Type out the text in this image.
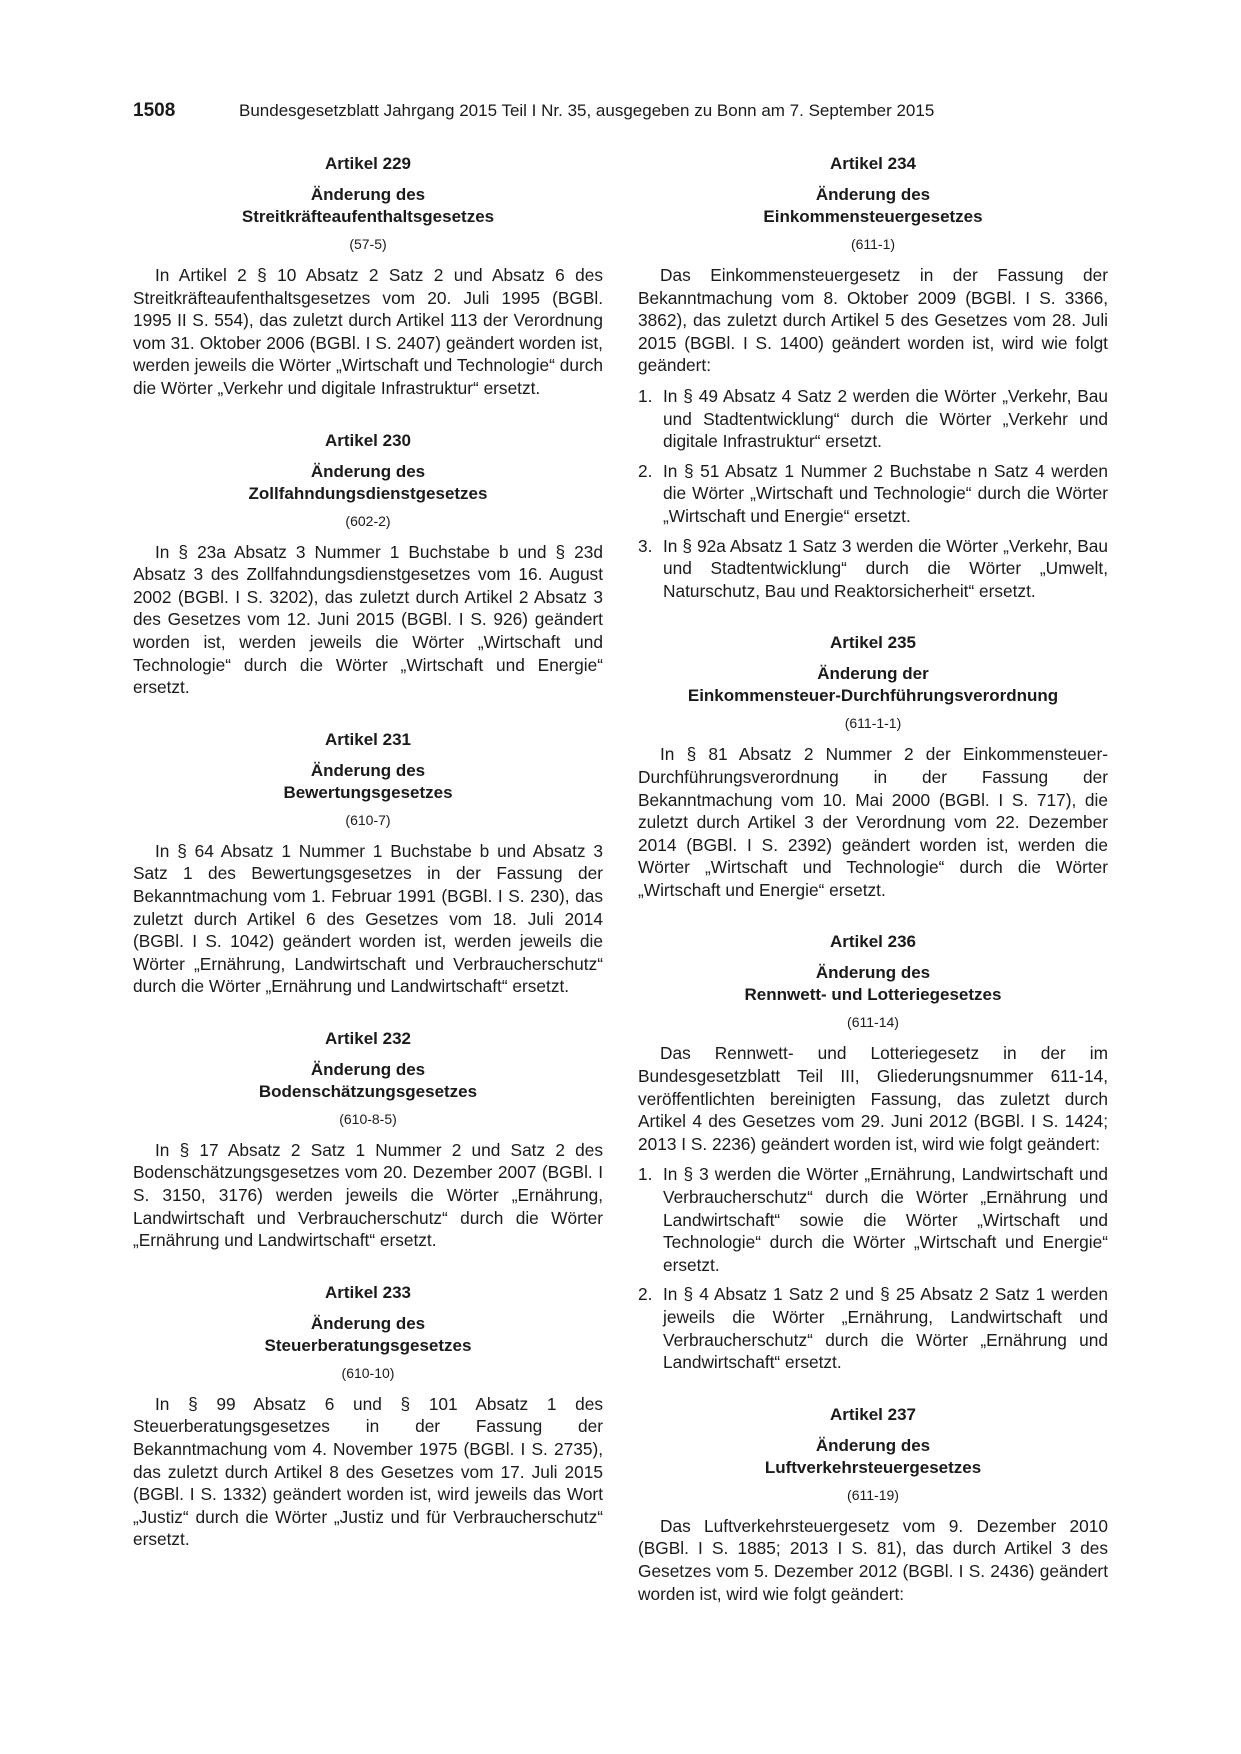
1508	Bundesgesetzblatt Jahrgang 2015 Teil I Nr. 35, ausgegeben zu Bonn am 7. September 2015
Artikel 229
Änderung des
Streitkräfteaufenthaltsgesetzes
(57-5)

In Artikel 2 § 10 Absatz 2 Satz 2 und Absatz 6 des Streitkräfteaufenthaltsgesetzes vom 20. Juli 1995 (BGBl. 1995 II S. 554), das zuletzt durch Artikel 113 der Verordnung vom 31. Oktober 2006 (BGBl. I S. 2407) geändert worden ist, werden jeweils die Wörter „Wirtschaft und Technologie“ durch die Wörter „Verkehr und digitale Infrastruktur“ ersetzt.

Artikel 230
Änderung des
Zollfahndungsdienstgesetzes
(602-2)

In § 23a Absatz 3 Nummer 1 Buchstabe b und § 23d Absatz 3 des Zollfahndungsdienstgesetzes vom 16. August 2002 (BGBl. I S. 3202), das zuletzt durch Artikel 2 Absatz 3 des Gesetzes vom 12. Juni 2015 (BGBl. I S. 926) geändert worden ist, werden jeweils die Wörter „Wirtschaft und Technologie“ durch die Wörter „Wirtschaft und Energie“ ersetzt.

Artikel 231
Änderung des
Bewertungsgesetzes
(610-7)

In § 64 Absatz 1 Nummer 1 Buchstabe b und Absatz 3 Satz 1 des Bewertungsgesetzes in der Fassung der Bekanntmachung vom 1. Februar 1991 (BGBl. I S. 230), das zuletzt durch Artikel 6 des Gesetzes vom 18. Juli 2014 (BGBl. I S. 1042) geändert worden ist, werden jeweils die Wörter „Ernährung, Landwirtschaft und Verbraucherschutz“ durch die Wörter „Ernährung und Landwirtschaft“ ersetzt.

Artikel 232
Änderung des
Bodenschätzungsgesetzes
(610-8-5)

In § 17 Absatz 2 Satz 1 Nummer 2 und Satz 2 des Bodenschätzungsgesetzes vom 20. Dezember 2007 (BGBl. I S. 3150, 3176) werden jeweils die Wörter „Ernährung, Landwirtschaft und Verbraucherschutz“ durch die Wörter „Ernährung und Landwirtschaft“ ersetzt.

Artikel 233
Änderung des
Steuerberatungsgesetzes
(610-10)

In § 99 Absatz 6 und § 101 Absatz 1 des Steuerberatungsgesetzes in der Fassung der Bekanntmachung vom 4. November 1975 (BGBl. I S. 2735), das zuletzt durch Artikel 8 des Gesetzes vom 17. Juli 2015 (BGBl. I S. 1332) geändert worden ist, wird jeweils das Wort „Justiz“ durch die Wörter „Justiz und für Verbraucherschutz“ ersetzt.

Artikel 234
Änderung des
Einkommensteuergesetzes
(611-1)

Das Einkommensteuergesetz in der Fassung der Bekanntmachung vom 8. Oktober 2009 (BGBl. I S. 3366, 3862), das zuletzt durch Artikel 5 des Gesetzes vom 28. Juli 2015 (BGBl. I S. 1400) geändert worden ist, wird wie folgt geändert:

1. In § 49 Absatz 4 Satz 2 werden die Wörter „Verkehr, Bau und Stadtentwicklung“ durch die Wörter „Verkehr und digitale Infrastruktur“ ersetzt.
2. In § 51 Absatz 1 Nummer 2 Buchstabe n Satz 4 werden die Wörter „Wirtschaft und Technologie“ durch die Wörter „Wirtschaft und Energie“ ersetzt.
3. In § 92a Absatz 1 Satz 3 werden die Wörter „Verkehr, Bau und Stadtentwicklung“ durch die Wörter „Umwelt, Naturschutz, Bau und Reaktorsicherheit“ ersetzt.
Artikel 235
Änderung der
Einkommensteuer-Durchführungsverordnung
(611-1-1)

In § 81 Absatz 2 Nummer 2 der Einkommensteuer-Durchführungsverordnung in der Fassung der Bekanntmachung vom 10. Mai 2000 (BGBl. I S. 717), die zuletzt durch Artikel 3 der Verordnung vom 22. Dezember 2014 (BGBl. I S. 2392) geändert worden ist, werden die Wörter „Wirtschaft und Technologie“ durch die Wörter „Wirtschaft und Energie“ ersetzt.

Artikel 236
Änderung des
Rennwett- und Lotteriegesetzes
(611-14)

Das Rennwett- und Lotteriegesetz in der im Bundesgesetzblatt Teil III, Gliederungsnummer 611-14, veröffentlichten bereinigten Fassung, das zuletzt durch Artikel 4 des Gesetzes vom 29. Juni 2012 (BGBl. I S. 1424; 2013 I S. 2236) geändert worden ist, wird wie folgt geändert:

1. In § 3 werden die Wörter „Ernährung, Landwirtschaft und Verbraucherschutz“ durch die Wörter „Ernährung und Landwirtschaft“ sowie die Wörter „Wirtschaft und Technologie“ durch die Wörter „Wirtschaft und Energie“ ersetzt.
2. In § 4 Absatz 1 Satz 2 und § 25 Absatz 2 Satz 1 werden jeweils die Wörter „Ernährung, Landwirtschaft und Verbraucherschutz“ durch die Wörter „Ernährung und Landwirtschaft“ ersetzt.
Artikel 237
Änderung des
Luftverkehrsteuergesetzes
(611-19)

Das Luftverkehrsteuergesetz vom 9. Dezember 2010 (BGBl. I S. 1885; 2013 I S. 81), das durch Artikel 3 des Gesetzes vom 5. Dezember 2012 (BGBl. I S. 2436) geändert worden ist, wird wie folgt geändert:
